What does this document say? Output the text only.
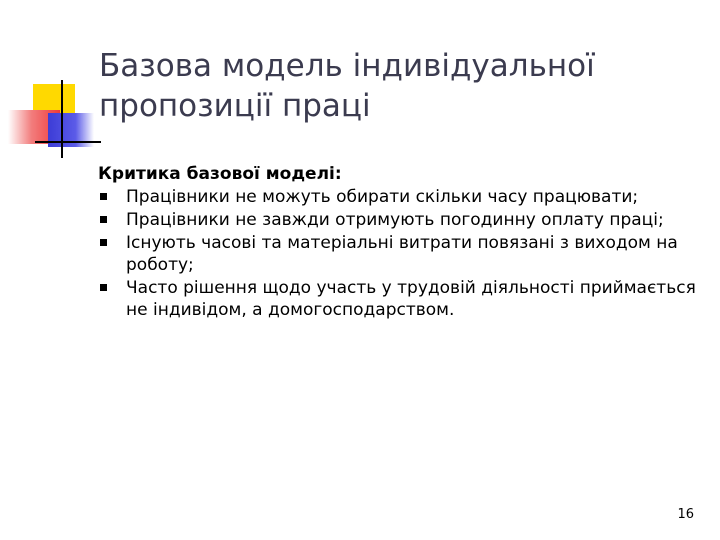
Базова модель індивідуальної пропозиції праці
Критика базової моделі:
Працівники не можуть обирати скільки часу працювати;
Працівники не завжди отримують погодинну оплату праці;
Існують часові та матеріальні витрати повязані з виходом на роботу;
Часто рішення щодо участь у трудовій діяльності приймається не індивідом, а домогосподарством.
16
